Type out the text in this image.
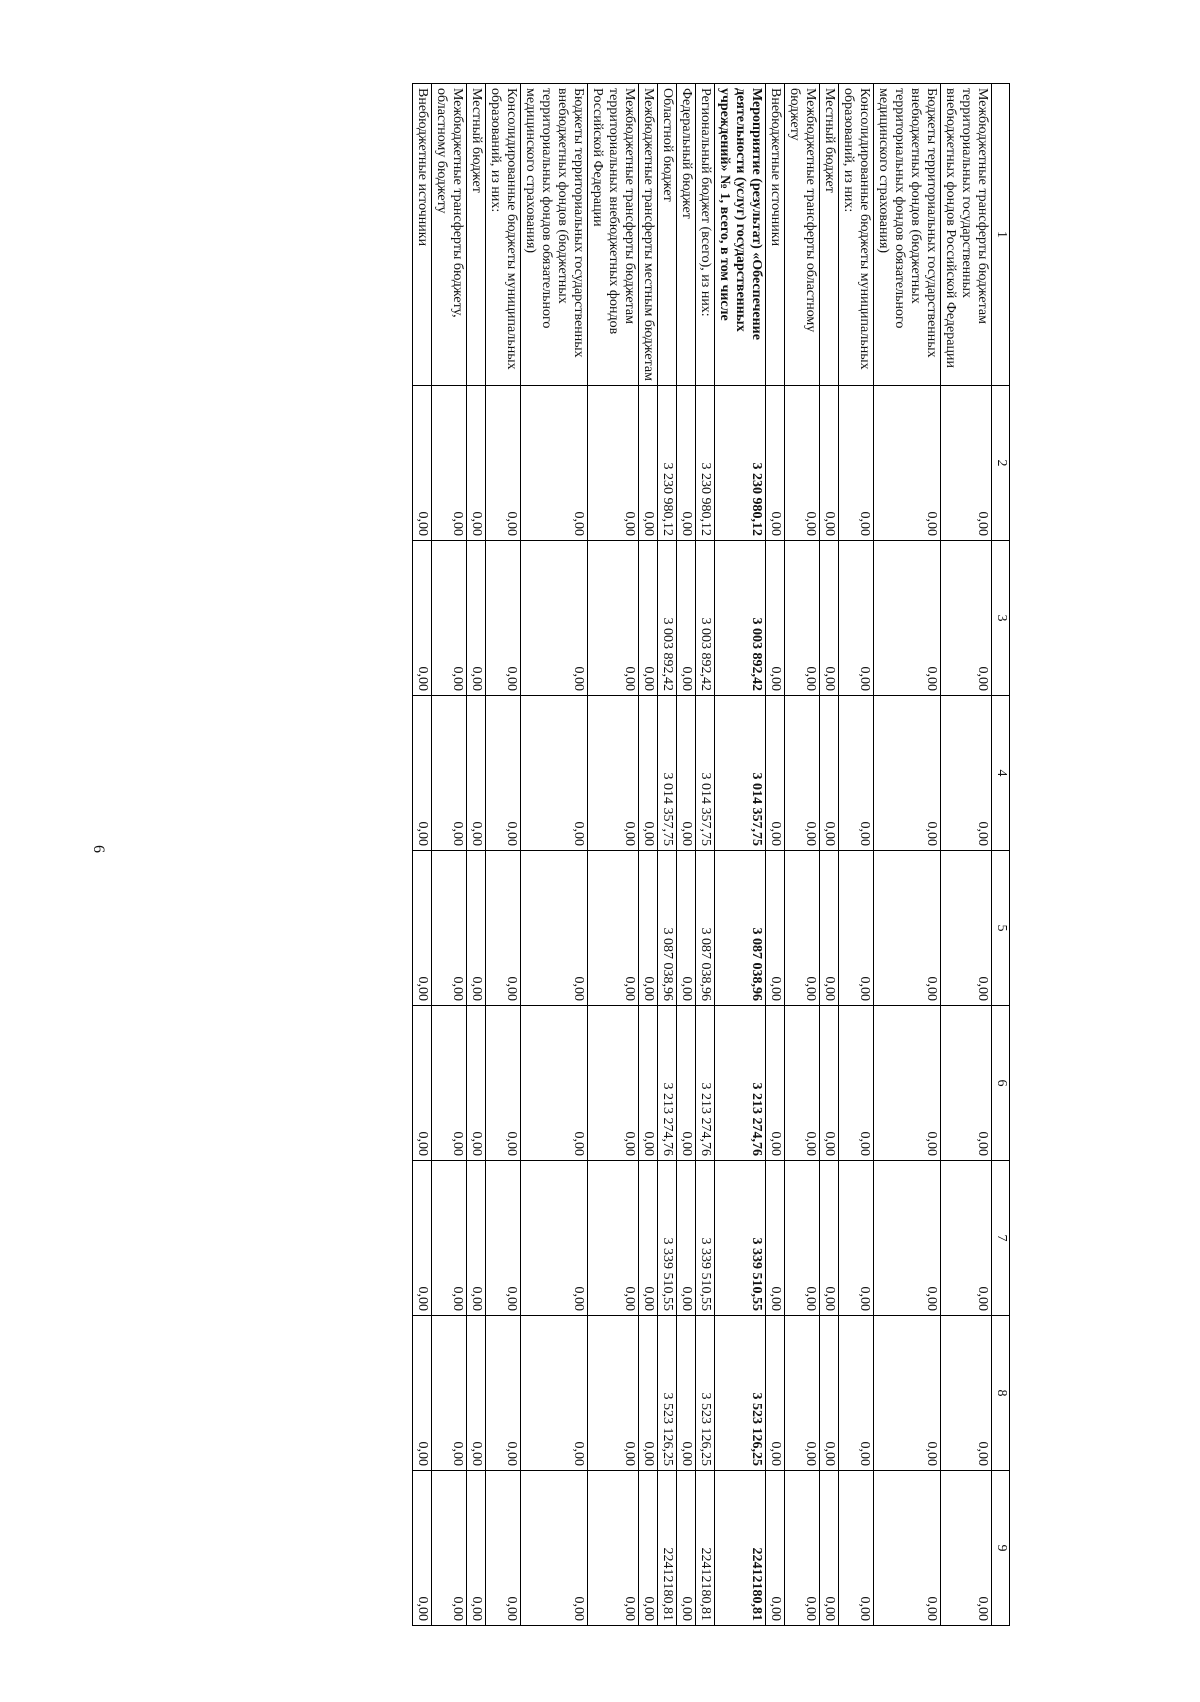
6
1	2	3	4	5	6	7	8	9
Межбюджетные трансферты бюджетам территориальных государственных внебюджетных фондов Российской Федерации	0,00	0,00	0,00	0,00	0,00	0,00	0,00	0,00
Бюджеты территориальных государственных внебюджетных фондов (бюджетных территориальных фондов обязательного медицинского страхования)	0,00	0,00	0,00	0,00	0,00	0,00	0,00	0,00
Консолидированные бюджеты муниципальных образований, из них:	0,00	0,00	0,00	0,00	0,00	0,00	0,00	0,00
Местный бюджет	0,00	0,00	0,00	0,00	0,00	0,00	0,00	0,00
Межбюджетные трансферты областному бюджету	0,00	0,00	0,00	0,00	0,00	0,00	0,00	0,00
Внебюджетные источники	0,00	0,00	0,00	0,00	0,00	0,00	0,00	0,00
Мероприятие (результат) «Обеспечение деятельности (услуг) государственных учреждений» № 1, всего, в том числе	3 230 980,12	3 003 892,42	3 014 357,75	3 087 038,96	3 213 274,76	3 339 510,55	3 523 126,25	22412180,81
Региональный бюджет (всего), из них:	3 230 980,12	3 003 892,42	3 014 357,75	3 087 038,96	3 213 274,76	3 339 510,55	3 523 126,25	22412180,81
Федеральный бюджет	0,00	0,00	0,00	0,00	0,00	0,00	0,00	0,00
Областной бюджет	3 230 980,12	3 003 892,42	3 014 357,75	3 087 038,96	3 213 274,76	3 339 510,55	3 523 126,25	22412180,81
Межбюджетные трансферты местным бюджетам	0,00	0,00	0,00	0,00	0,00	0,00	0,00	0,00
Межбюджетные трансферты бюджетам территориальных внебюджетных фондов Российской Федерации	0,00	0,00	0,00	0,00	0,00	0,00	0,00	0,00
Бюджеты территориальных государственных внебюджетных фондов (бюджетных территориальных фондов обязательного медицинского страхования)	0,00	0,00	0,00	0,00	0,00	0,00	0,00	0,00
Консолидированные бюджеты муниципальных образований, из них:	0,00	0,00	0,00	0,00	0,00	0,00	0,00	0,00
Местный бюджет	0,00	0,00	0,00	0,00	0,00	0,00	0,00	0,00
Межбюджетные трансферты бюджету, областному бюджету	0,00	0,00	0,00	0,00	0,00	0,00	0,00	0,00
Внебюджетные источники	0,00	0,00	0,00	0,00	0,00	0,00	0,00	0,00
